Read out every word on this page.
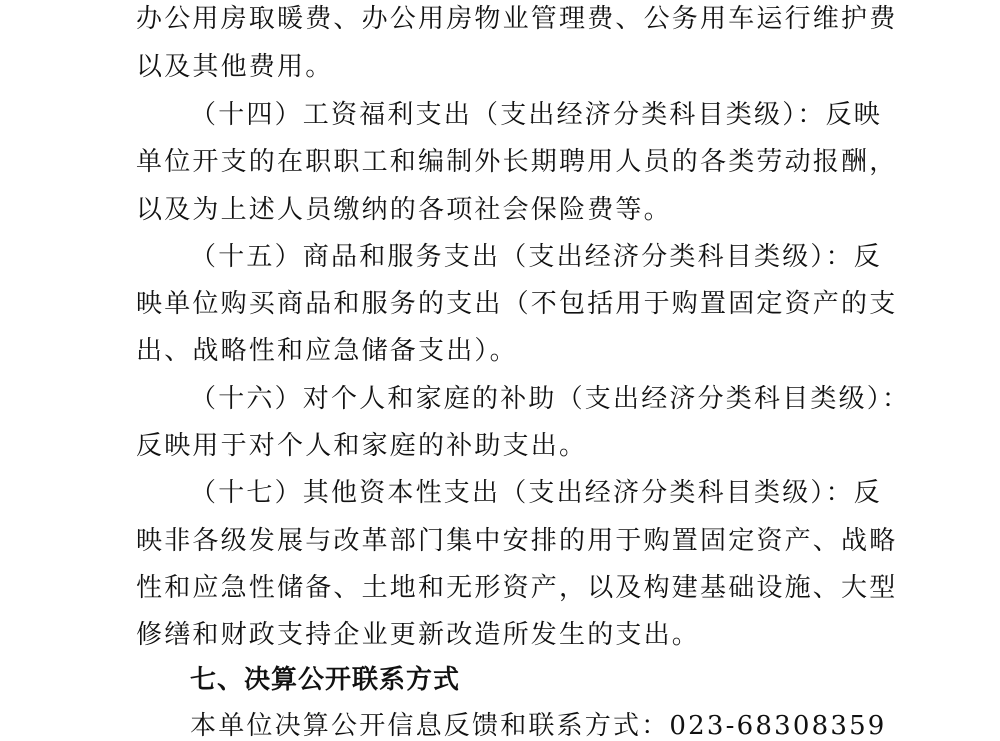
办公用房取暖费、办公用房物业管理费、公务用车运行维护费
以及其他费用。
（十四）工资福利支出（支出经济分类科目类级）：反映
单位开支的在职职工和编制外长期聘用人员的各类劳动报酬，
以及为上述人员缴纳的各项社会保险费等。
（十五）商品和服务支出（支出经济分类科目类级）：反
映单位购买商品和服务的支出（不包括用于购置固定资产的支
出、战略性和应急储备支出）。
（十六）对个人和家庭的补助（支出经济分类科目类级）：
反映用于对个人和家庭的补助支出。
（十七）其他资本性支出（支出经济分类科目类级）：反
映非各级发展与改革部门集中安排的用于购置固定资产、战略
性和应急性储备、土地和无形资产，以及构建基础设施、大型
修缮和财政支持企业更新改造所发生的支出。
七、决算公开联系方式
本单位决算公开信息反馈和联系方式：023-68308359
